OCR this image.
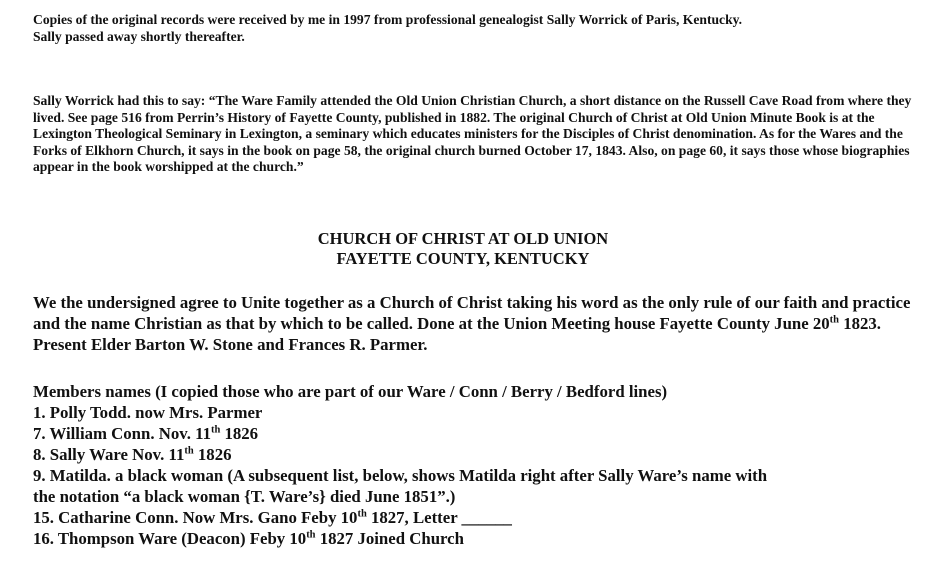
Copies of the original records were received by me in 1997 from professional genealogist Sally Worrick of Paris, Kentucky.
Sally passed away shortly thereafter.

Sally Worrick had this to say: “The Ware Family attended the Old Union Christian Church, a short distance on the Russell Cave Road from where they lived. See page 516 from Perrin’s History of Fayette County, published in 1882. The original Church of Christ at Old Union Minute Book is at the Lexington Theological Seminary in Lexington, a seminary which educates ministers for the Disciples of Christ denomination. As for the Wares and the Forks of Elkhorn Church, it says in the book on page 58, the original church burned October 17, 1843. Also, on page 60, it says those whose biographies appear in the book worshipped at the church.”

CHURCH OF CHRIST AT OLD UNION
FAYETTE COUNTY, KENTUCKY

We the undersigned agree to Unite together as a Church of Christ taking his word as the only rule of our faith and practice and the name Christian as that by which to be called. Done at the Union Meeting house Fayette County June 20th 1823. Present Elder Barton W. Stone and Frances R. Parmer.

Members names (I copied those who are part of our Ware / Conn / Berry / Bedford lines)
1. Polly Todd. now Mrs. Parmer
7. William Conn. Nov. 11th 1826
8. Sally Ware Nov. 11th 1826
9. Matilda. a black woman (A subsequent list, below, shows Matilda right after Sally Ware’s name with
the notation “a black woman {T. Ware’s} died June 1851”.)
15. Catharine Conn. Now Mrs. Gano Feby 10th 1827, Letter ______
16. Thompson Ware (Deacon) Feby 10th 1827 Joined Church
